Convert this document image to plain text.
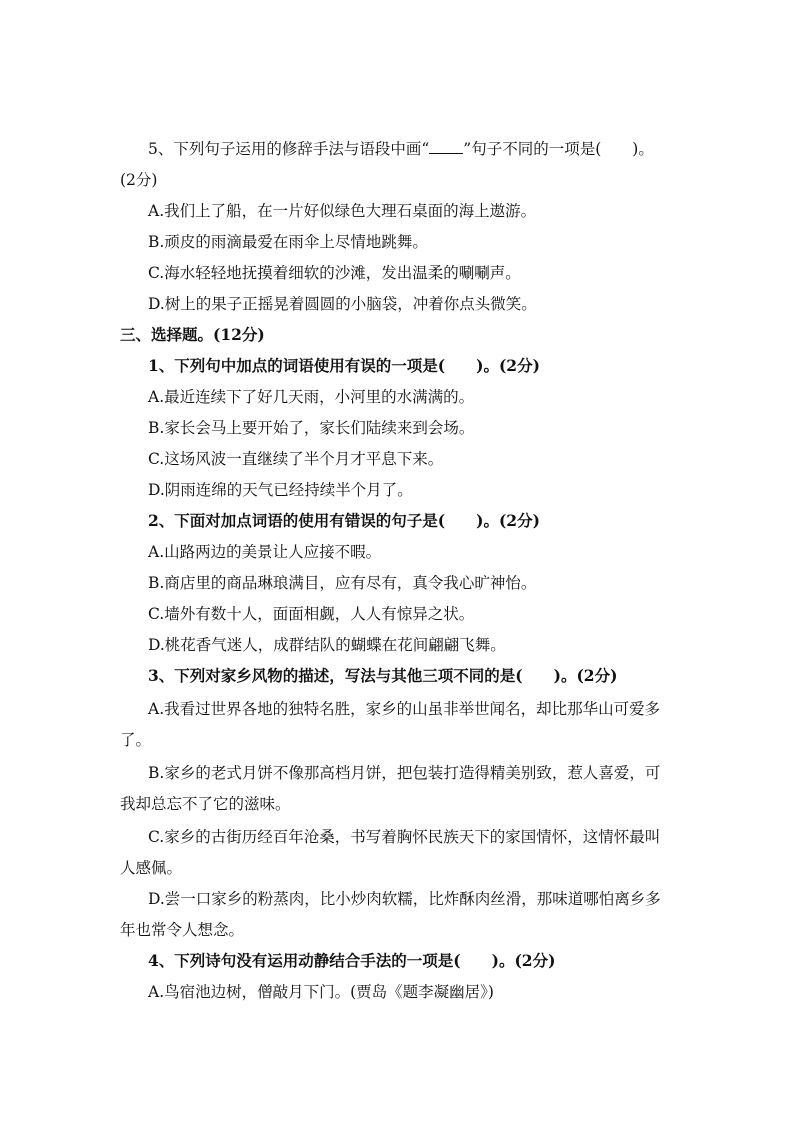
5、下列句子运用的修辞手法与语段中画“ ”句子不同的一项是(　　)。
(2分)
A.我们上了船，在一片好似绿色大理石桌面的海上遨游。
B.顽皮的雨滴最爱在雨伞上尽情地跳舞。
C.海水轻轻地抚摸着细软的沙滩，发出温柔的唰唰声。
D.树上的果子正摇晃着圆圆的小脑袋，冲着你点头微笑。
三、选择题。(12分)
1、下列句中加点的词语使用有误的一项是(　　)。(2分)
A.最近连续下了好几天雨，小河里的水满满的。
B.家长会马上要开始了，家长们陆续来到会场。
C.这场风波一直继续了半个月才平息下来。
D.阴雨连绵的天气已经持续半个月了。
2、下面对加点词语的使用有错误的句子是(　　)。(2分)
A.山路两边的美景让人应接不暇。
B.商店里的商品琳琅满目，应有尽有，真令我心旷神怡。
C.墙外有数十人，面面相觑，人人有惊异之状。
D.桃花香气迷人，成群结队的蝴蝶在花间翩翩飞舞。
3、下列对家乡风物的描述，写法与其他三项不同的是(　　)。(2分)
A.我看过世界各地的独特名胜，家乡的山虽非举世闻名，却比那华山可爱多
了。
B.家乡的老式月饼不像那高档月饼，把包装打造得精美别致，惹人喜爱，可
我却总忘不了它的滋味。
C.家乡的古街历经百年沧桑，书写着胸怀民族天下的家国情怀，这情怀最叫
人感佩。
D.尝一口家乡的粉蒸肉，比小炒肉软糯，比炸酥肉丝滑，那味道哪怕离乡多
年也常令人想念。
4、下列诗句没有运用动静结合手法的一项是(　　)。(2分)
A.鸟宿池边树，僧敲月下门。(贾岛《题李凝幽居》)
